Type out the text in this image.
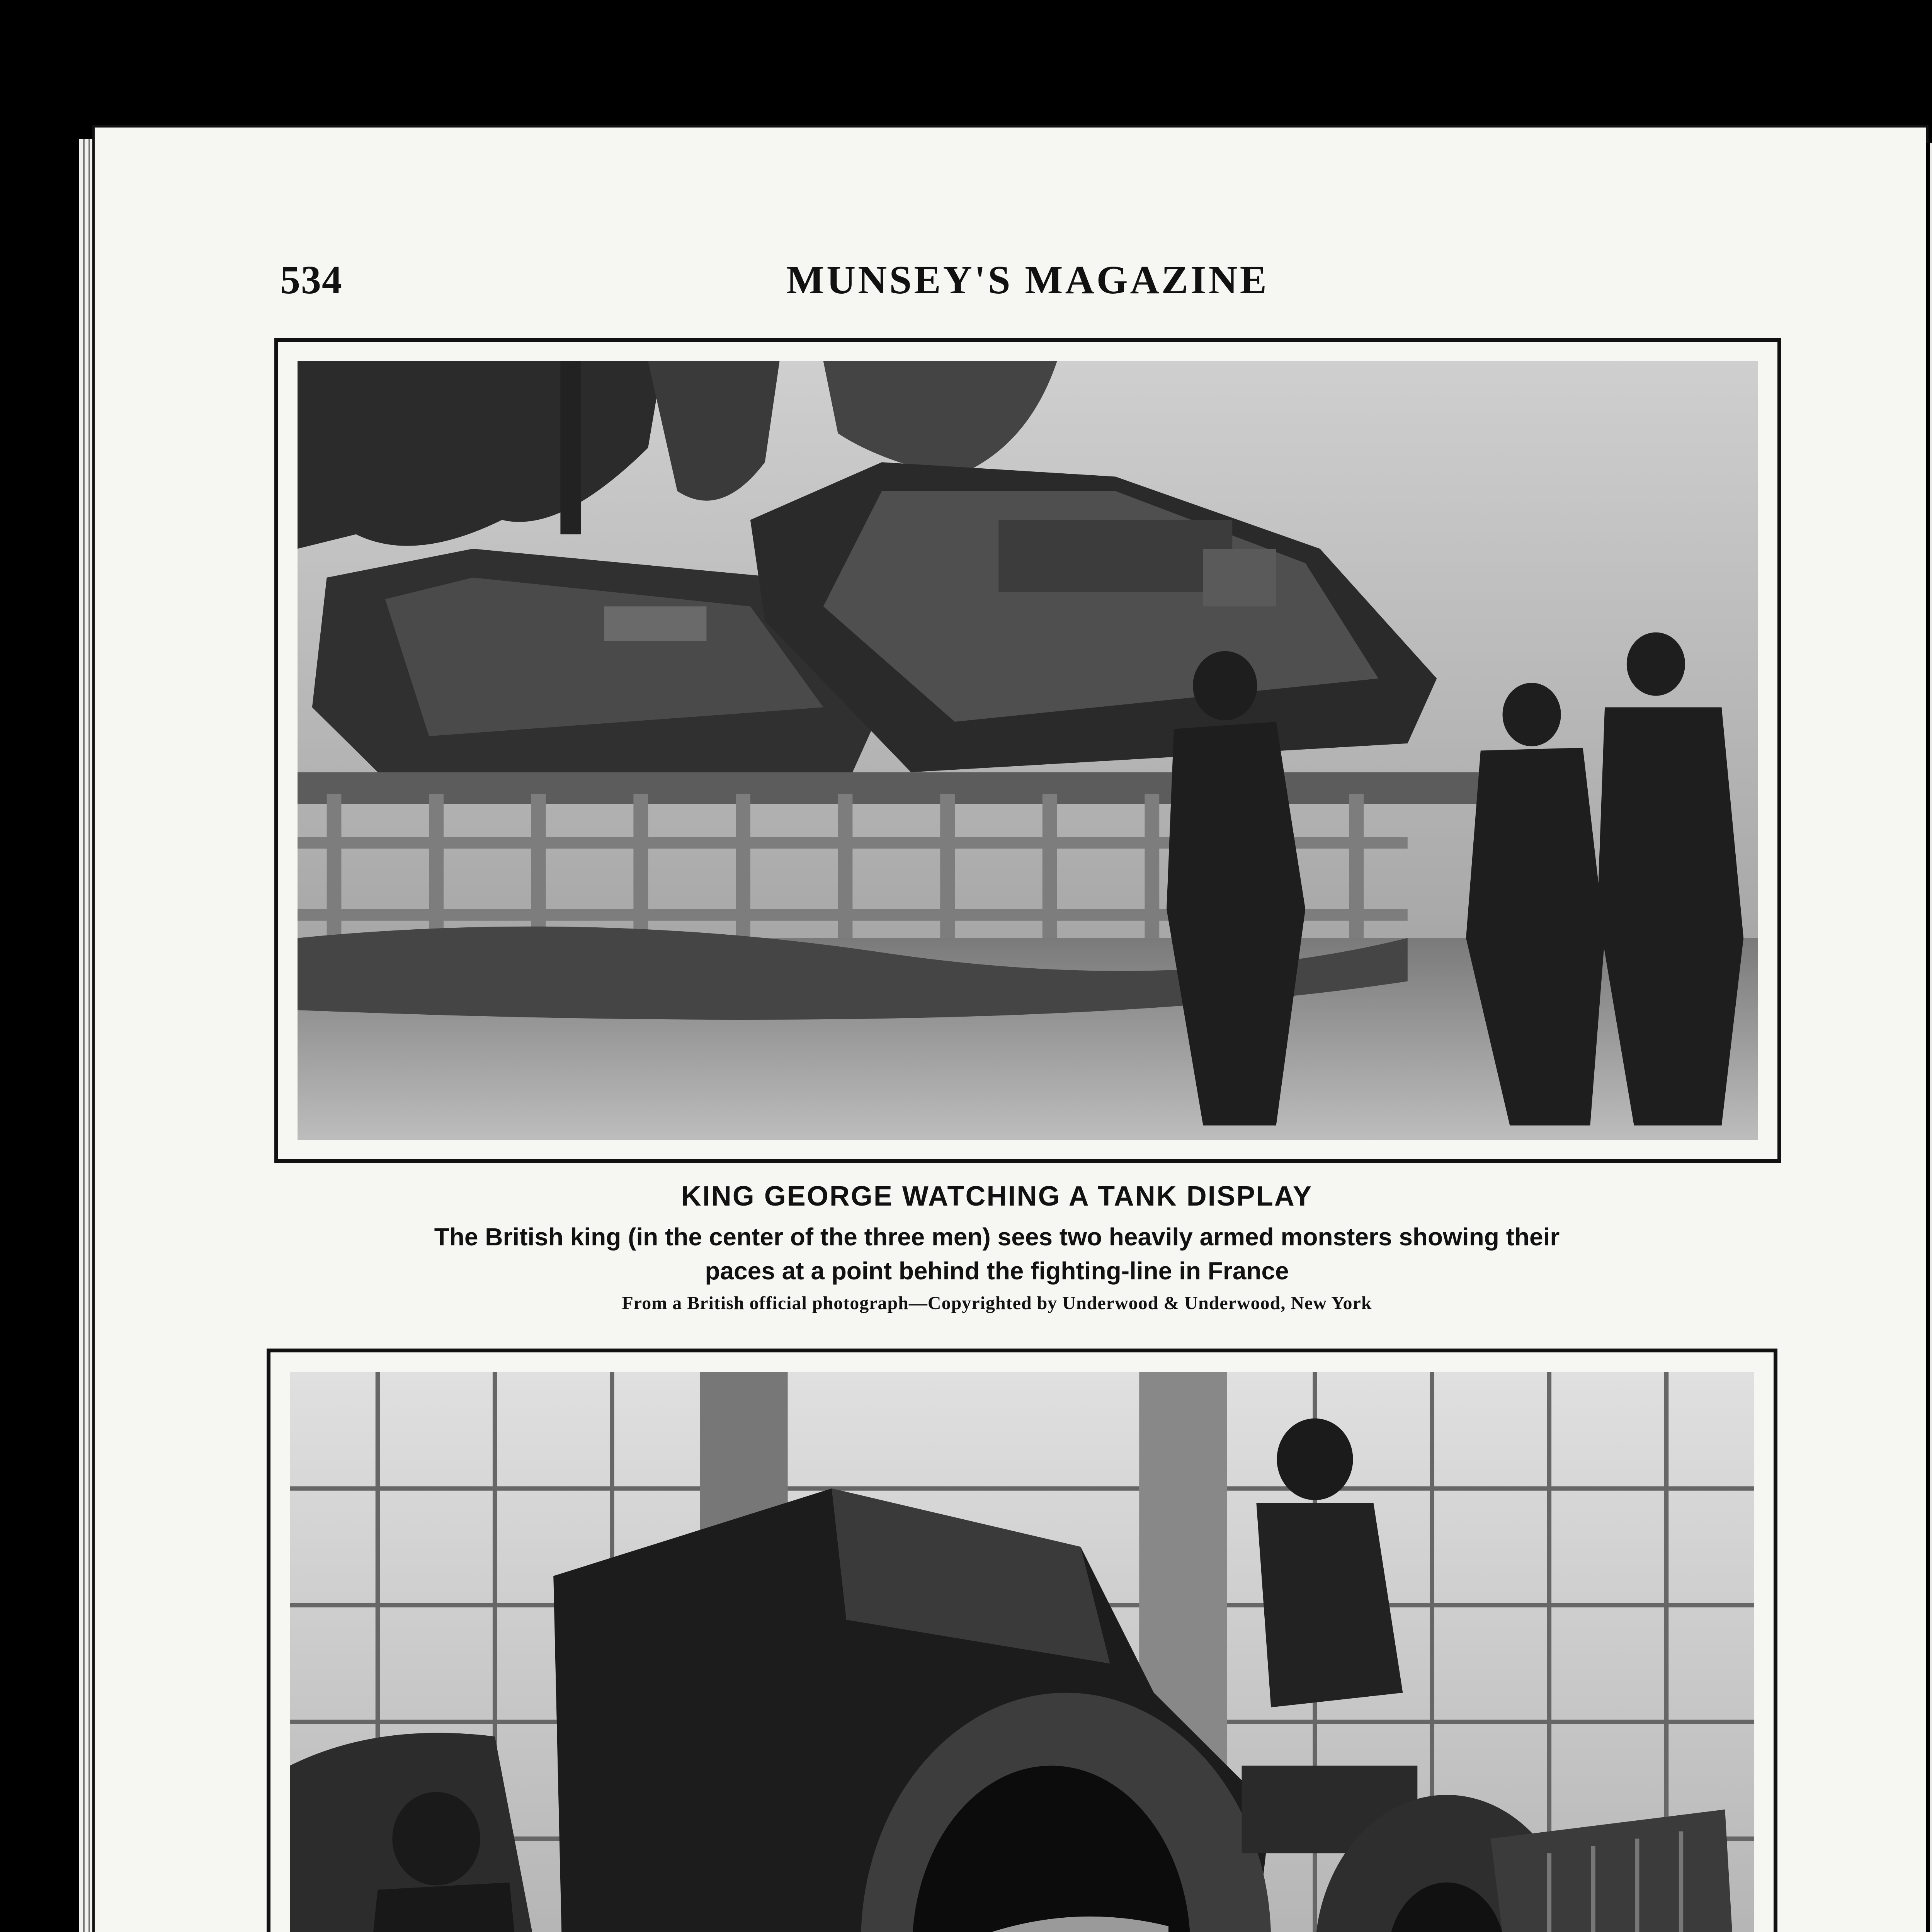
534	MUNSEY'S MAGAZINE
KING GEORGE WATCHING A TANK DISPLAY
The British king (in the center of the three men) sees two heavily armed monsters showing their
paces at a point behind the fighting-line in France
From a British official photograph—Copyrighted by Underwood & Underwood, New York
